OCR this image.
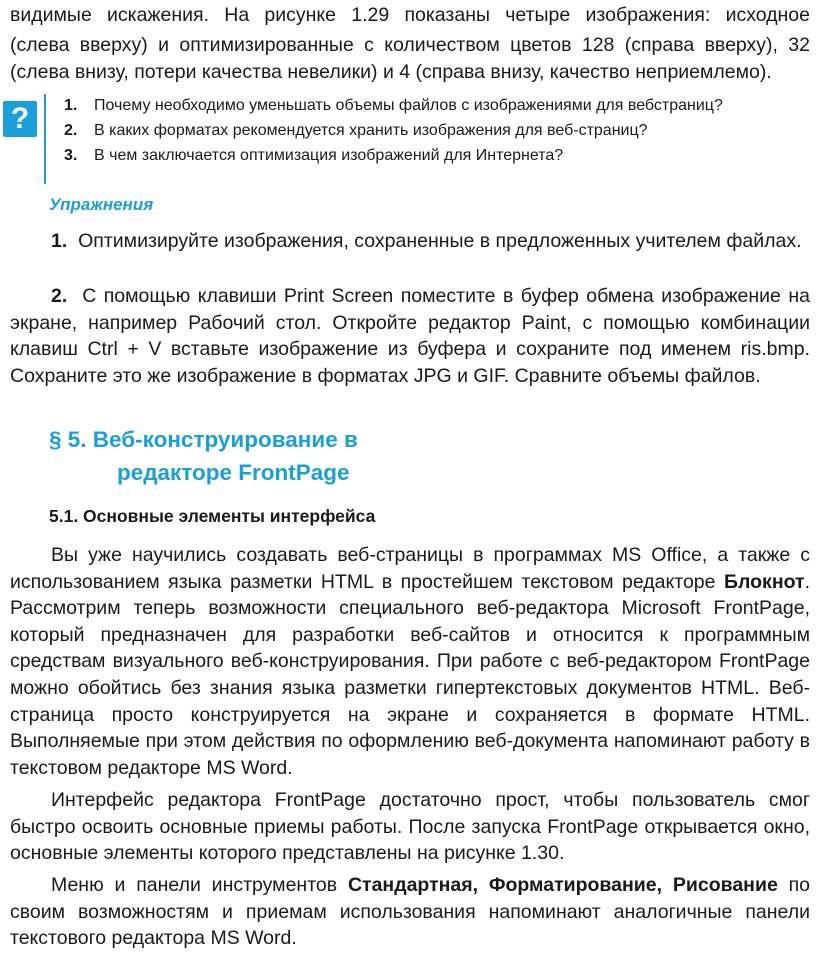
видимые искажения. На рисунке 1.29 показаны четыре изображения: исходное

(слева вверху) и оптимизированные с количеством цветов 128 (справа вверху), 32

(слева внизу, потери качества невелики) и 4 (справа внизу, качество неприемлемо).

?	1. Почему необходимо уменьшать объемы файлов с изображениями для вебстраниц?
2. В каких форматах рекомендуется хранить изображения для веб-страниц?
3. В чем заключается оптимизация изображений для Интернета?
Упражнения

1. Оптимизируйте изображения, сохраненные в предложенных учителем файлах.

2. С помощью клавиши Print Screen поместите в буфер обмена изображение на экране, например Рабочий стол. Откройте редактор Paint, с помощью комбинации клавиш Ctrl + V вставьте изображение из буфера и сохраните под именем ris.bmp. Сохраните это же изображение в форматах JPG и GIF. Сравните объемы файлов.

§ 5. Веб-конструирование в
редакторе FrontPage
5.1. Основные элементы интерфейса

Вы уже научились создавать веб-страницы в программах MS Office, а также с использованием языка разметки HTML в простейшем текстовом редакторе Блокнот. Рассмотрим теперь возможности специального веб-редактора Microsoft FrontPage, который предназначен для разработки веб-сайтов и относится к программным средствам визуального веб-конструирования. При работе с веб-редактором FrontPage можно обойтись без знания языка разметки гипертекстовых документов HTML. Веб-страница просто конструируется на экране и сохраняется в формате HTML. Выполняемые при этом действия по оформлению веб-документа напоминают работу в текстовом редакторе MS Word.

Интерфейс редактора FrontPage достаточно прост, чтобы пользователь смог быстро освоить основные приемы работы. После запуска FrontPage открывается окно, основные элементы которого представлены на рисунке 1.30.

Меню и панели инструментов Стандартная, Форматирование, Рисование по своим возможностям и приемам использования напоминают аналогичные панели текстового редактора MS Word.
